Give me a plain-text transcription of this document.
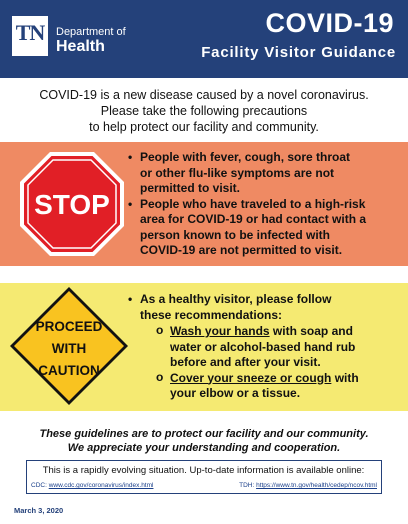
TN	Department of
Health
COVID-19
Facility Visitor Guidance
COVID-19 is a new disease caused by a novel coronavirus.
Please take the following precautions
to help protect our facility and community.
STOP
• People with fever, cough, sore throat
or other flu-like symptoms are not
permitted to visit.
• People who have traveled to a high-risk
area for COVID-19 or had contact with a
person known to be infected with
COVID-19 are not permitted to visit.
PROCEED
WITH
CAUTION
• As a healthy visitor, please follow
these recommendations:
o Wash your hands with soap and
water or alcohol-based hand rub
before and after your visit.
o Cover your sneeze or cough with
your elbow or a tissue.
These guidelines are to protect our facility and our community.
We appreciate your understanding and cooperation.
This is a rapidly evolving situation. Up-to-date information is available online:
CDC: www.cdc.gov/coronavirus/index.html	TDH: https://www.tn.gov/health/cedep/ncov.html
March 3, 2020
